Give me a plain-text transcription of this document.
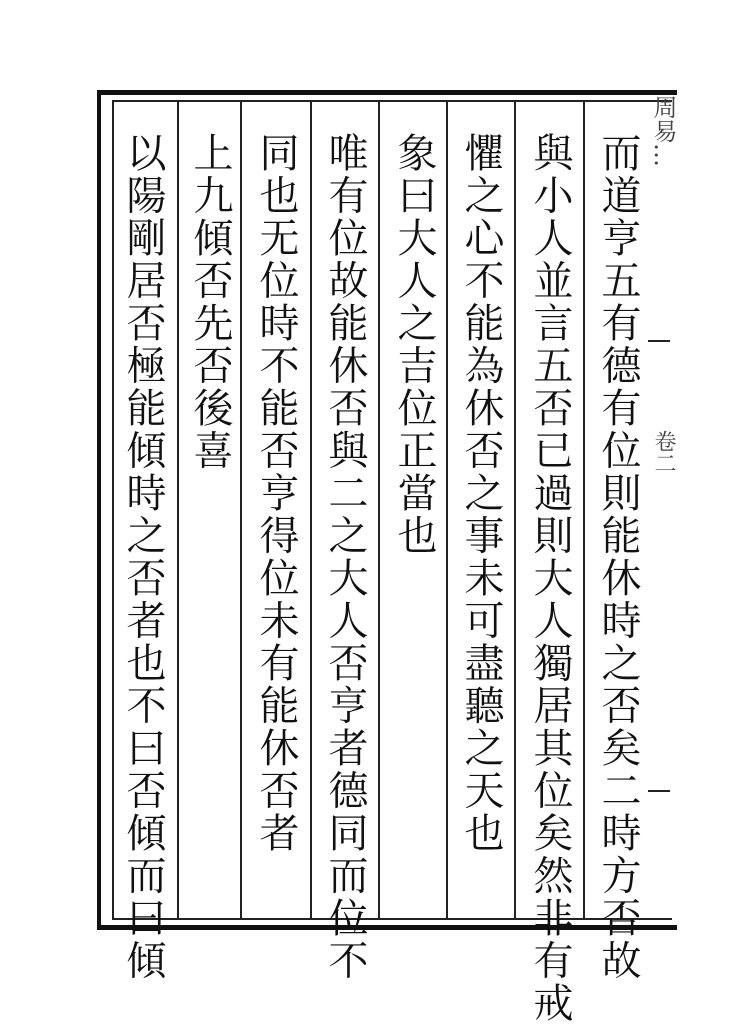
周易…
卷二
而道亨五有德有位則能休時之否矣二時方否故
與小人並言五否已過則大人獨居其位矣然非有戒
懼之心不能為休否之事未可盡聽之天也
象曰大人之吉位正當也
唯有位故能休否與二之大人否亨者德同而位不
同也无位時不能否亨得位未有能休否者
上九傾否先否後喜
以陽剛居否極能傾時之否者也不曰否傾而曰傾
